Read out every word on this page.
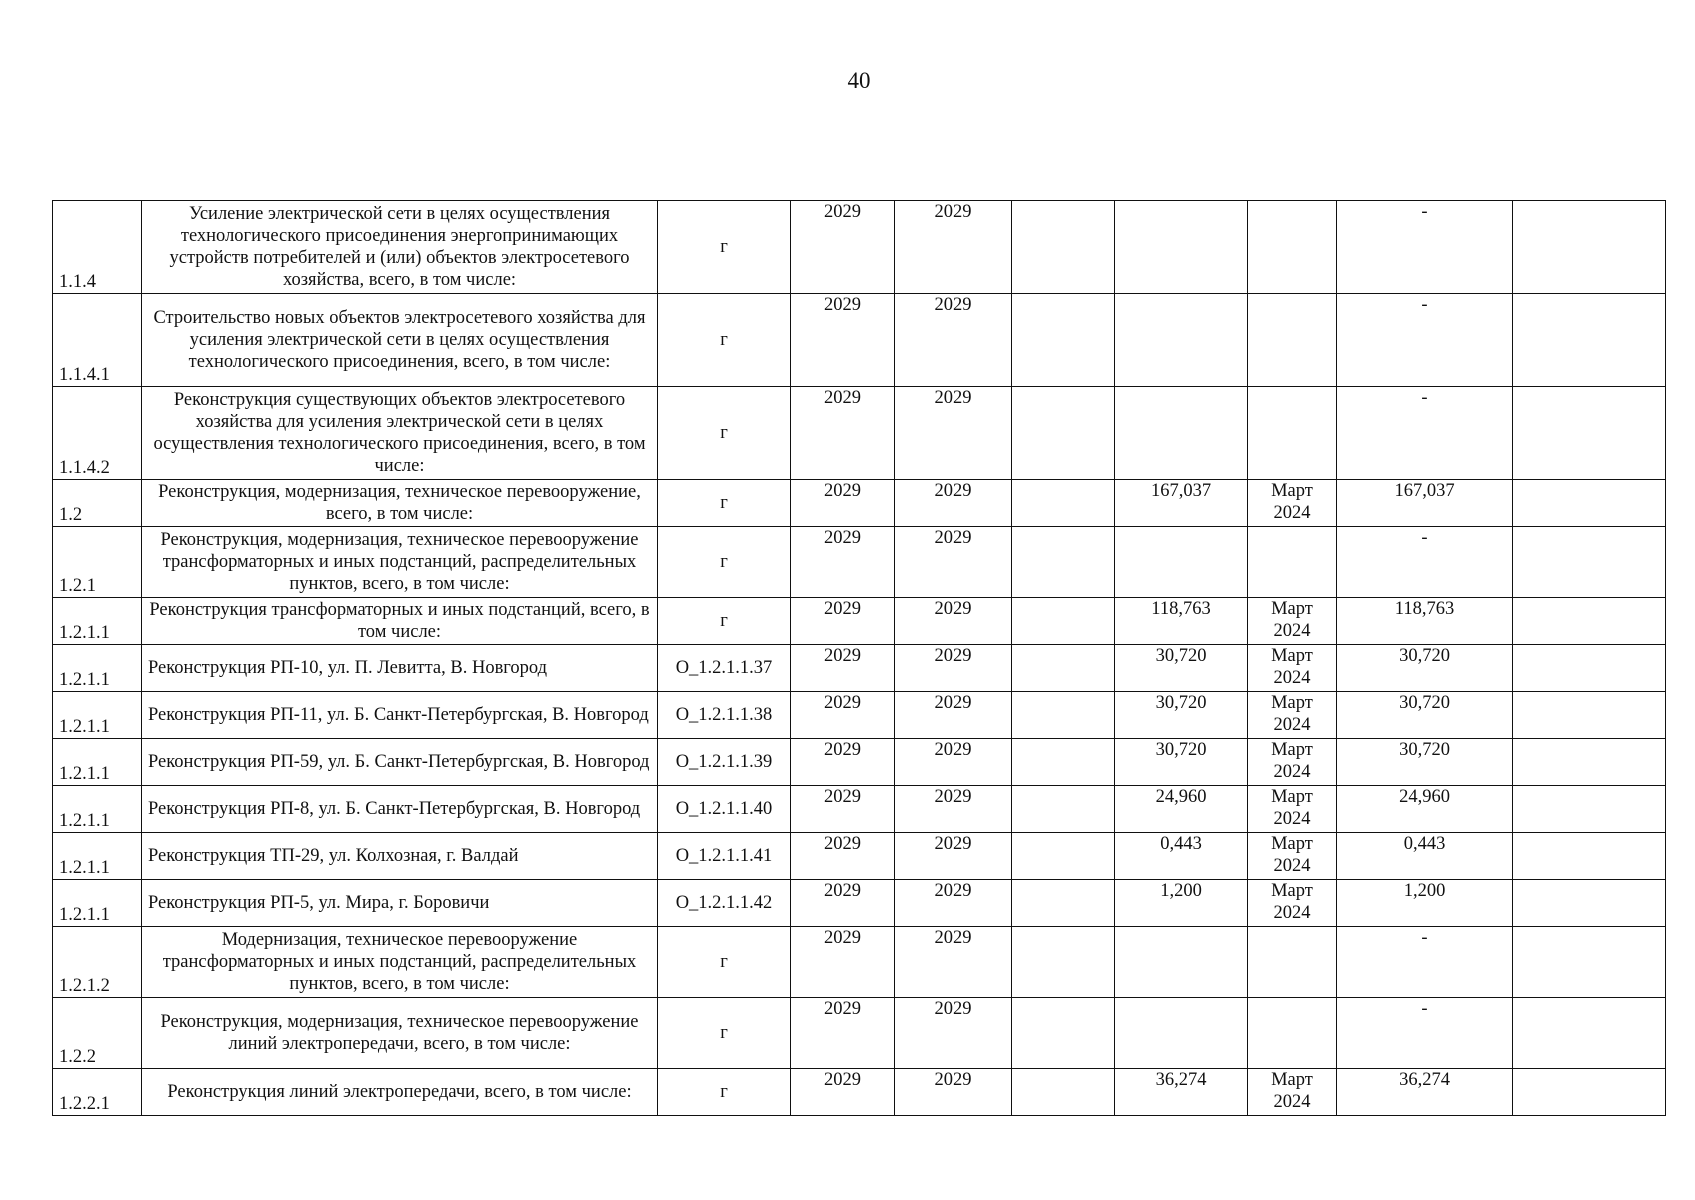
40
1.1.4	Усиление электрической сети в целях осуществления технологического присоединения энергопринимающих устройств потребителей и (или) объектов электросетевого хозяйства, всего, в том числе:	г	2029	2029				-	
1.1.4.1	Строительство новых объектов электросетевого хозяйства для усиления электрической сети в целях осуществления технологического присоединения, всего, в том числе:	г	2029	2029				-	
1.1.4.2	Реконструкция существующих объектов электросетевого хозяйства для усиления электрической сети в целях осуществления технологического присоединения, всего, в том числе:	г	2029	2029				-	
1.2	Реконструкция, модернизация, техническое перевооружение, всего, в том числе:	г	2029	2029		167,037	Март 2024	167,037	
1.2.1	Реконструкция, модернизация, техническое перевооружение трансформаторных и иных подстанций, распределительных пунктов, всего, в том числе:	г	2029	2029				-	
1.2.1.1	Реконструкция трансформаторных и иных подстанций, всего, в том числе:	г	2029	2029		118,763	Март 2024	118,763	
1.2.1.1	Реконструкция РП-10, ул. П. Левитта, В. Новгород	O_1.2.1.1.37	2029	2029		30,720	Март 2024	30,720	
1.2.1.1	Реконструкция РП-11, ул. Б. Санкт-Петербургская, В. Новгород	O_1.2.1.1.38	2029	2029		30,720	Март 2024	30,720	
1.2.1.1	Реконструкция РП-59, ул. Б. Санкт-Петербургская, В. Новгород	O_1.2.1.1.39	2029	2029		30,720	Март 2024	30,720	
1.2.1.1	Реконструкция РП-8, ул. Б. Санкт-Петербургская, В. Новгород	O_1.2.1.1.40	2029	2029		24,960	Март 2024	24,960	
1.2.1.1	Реконструкция ТП-29, ул. Колхозная, г. Валдай	O_1.2.1.1.41	2029	2029		0,443	Март 2024	0,443	
1.2.1.1	Реконструкция РП-5, ул. Мира, г. Боровичи	O_1.2.1.1.42	2029	2029		1,200	Март 2024	1,200	
1.2.1.2	Модернизация, техническое перевооружение трансформаторных и иных подстанций, распределительных пунктов, всего, в том числе:	г	2029	2029				-	
1.2.2	Реконструкция, модернизация, техническое перевооружение линий электропередачи, всего, в том числе:	г	2029	2029				-	
1.2.2.1	Реконструкция линий электропередачи, всего, в том числе:	г	2029	2029		36,274	Март 2024	36,274	
